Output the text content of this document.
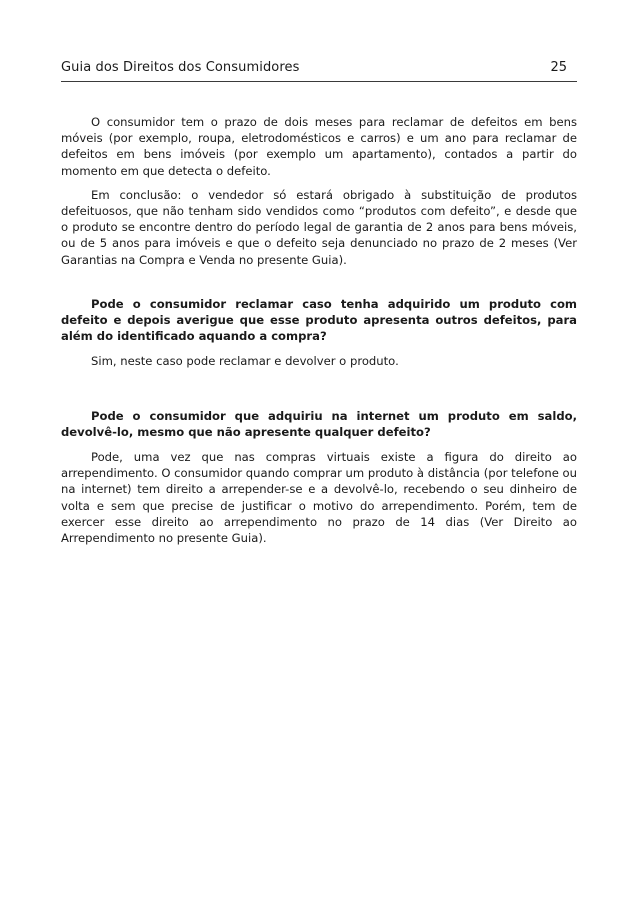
Guia dos Direitos dos Consumidores	25

O consumidor tem o prazo de dois meses para reclamar de defeitos em bens móveis (por exemplo, roupa, eletrodomésticos e carros) e um ano para reclamar de defeitos em bens imóveis (por exemplo um apartamento), contados a partir do momento em que detecta o defeito.

Em conclusão: o vendedor só estará obrigado à substituição de produtos defeituosos, que não tenham sido vendidos como “produtos com defeito”, e desde que o produto se encontre dentro do período legal de garantia de 2 anos para bens móveis, ou de 5 anos para imóveis e que o defeito seja denunciado no prazo de 2 meses (Ver Garantias na Compra e Venda no presente Guia).

Pode o consumidor reclamar caso tenha adquirido um produto com defeito e depois averigue que esse produto apresenta outros defeitos, para além do identificado aquando a compra?

Sim, neste caso pode reclamar e devolver o produto.

Pode o consumidor que adquiriu na internet um produto em saldo, devolvê-lo, mesmo que não apresente qualquer defeito?

Pode, uma vez que nas compras virtuais existe a figura do direito ao arrependimento. O consumidor quando comprar um produto à distância (por telefone ou na internet) tem direito a arrepender-se e a devolvê-lo, recebendo o seu dinheiro de volta e sem que precise de justificar o motivo do arrependimento. Porém, tem de exercer esse direito ao arrependimento no prazo de 14 dias (Ver Direito ao Arrependimento no presente Guia).
